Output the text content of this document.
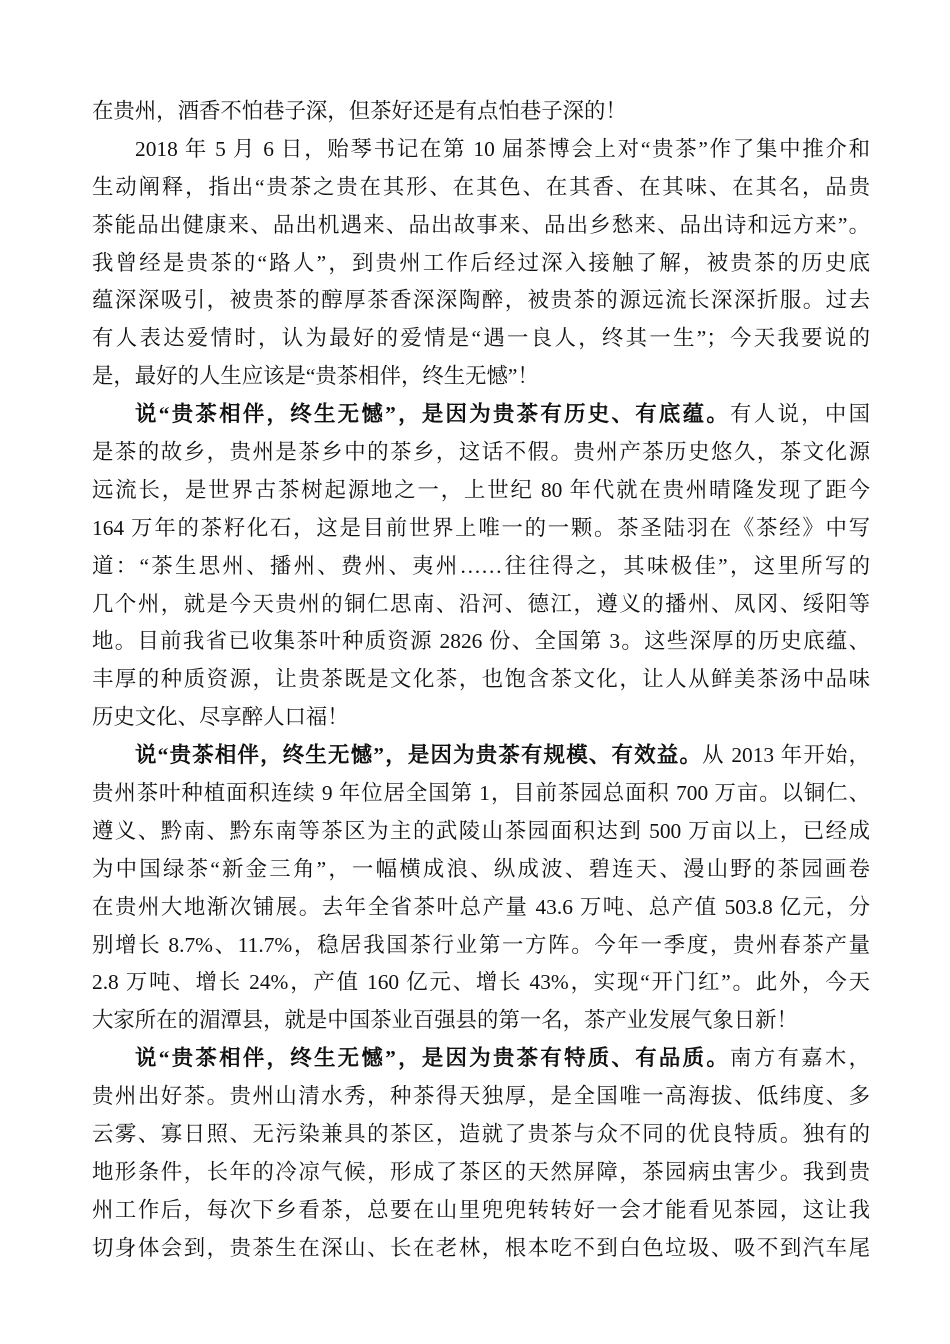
在贵州，酒香不怕巷子深，但茶好还是有点怕巷子深的！
2018 年 5 月 6 日，贻琴书记在第 10 届茶博会上对“贵茶”作了集中推介和
生动阐释，指出“贵茶之贵在其形、在其色、在其香、在其味、在其名，品贵
茶能品出健康来、品出机遇来、品出故事来、品出乡愁来、品出诗和远方来”。
我曾经是贵茶的“路人”，到贵州工作后经过深入接触了解，被贵茶的历史底
蕴深深吸引，被贵茶的醇厚茶香深深陶醉，被贵茶的源远流长深深折服。过去
有人表达爱情时，认为最好的爱情是“遇一良人，终其一生”；今天我要说的
是，最好的人生应该是“贵茶相伴，终生无憾”！
说“贵茶相伴，终生无憾”，是因为贵茶有历史、有底蕴。有人说，中国
是茶的故乡，贵州是茶乡中的茶乡，这话不假。贵州产茶历史悠久，茶文化源
远流长，是世界古茶树起源地之一，上世纪 80 年代就在贵州晴隆发现了距今
164 万年的茶籽化石，这是目前世界上唯一的一颗。茶圣陆羽在《茶经》中写
道：“茶生思州、播州、费州、夷州……往往得之，其味极佳”，这里所写的
几个州，就是今天贵州的铜仁思南、沿河、德江，遵义的播州、凤冈、绥阳等
地。目前我省已收集茶叶种质资源 2826 份、全国第 3。这些深厚的历史底蕴、
丰厚的种质资源，让贵茶既是文化茶，也饱含茶文化，让人从鲜美茶汤中品味
历史文化、尽享醉人口福！
说“贵茶相伴，终生无憾”，是因为贵茶有规模、有效益。从 2013 年开始，
贵州茶叶种植面积连续 9 年位居全国第 1，目前茶园总面积 700 万亩。以铜仁、
遵义、黔南、黔东南等茶区为主的武陵山茶园面积达到 500 万亩以上，已经成
为中国绿茶“新金三角”，一幅横成浪、纵成波、碧连天、漫山野的茶园画卷
在贵州大地渐次铺展。去年全省茶叶总产量 43.6 万吨、总产值 503.8 亿元，分
别增长 8.7%、11.7%，稳居我国茶行业第一方阵。今年一季度，贵州春茶产量
2.8 万吨、增长 24%，产值 160 亿元、增长 43%，实现“开门红”。此外，今天
大家所在的湄潭县，就是中国茶业百强县的第一名，茶产业发展气象日新！
说“贵茶相伴，终生无憾”，是因为贵茶有特质、有品质。南方有嘉木，
贵州出好茶。贵州山清水秀，种茶得天独厚，是全国唯一高海拔、低纬度、多
云雾、寡日照、无污染兼具的茶区，造就了贵茶与众不同的优良特质。独有的
地形条件，长年的冷凉气候，形成了茶区的天然屏障，茶园病虫害少。我到贵
州工作后，每次下乡看茶，总要在山里兜兜转转好一会才能看见茶园，这让我
切身体会到，贵茶生在深山、长在老林，根本吃不到白色垃圾、吸不到汽车尾
